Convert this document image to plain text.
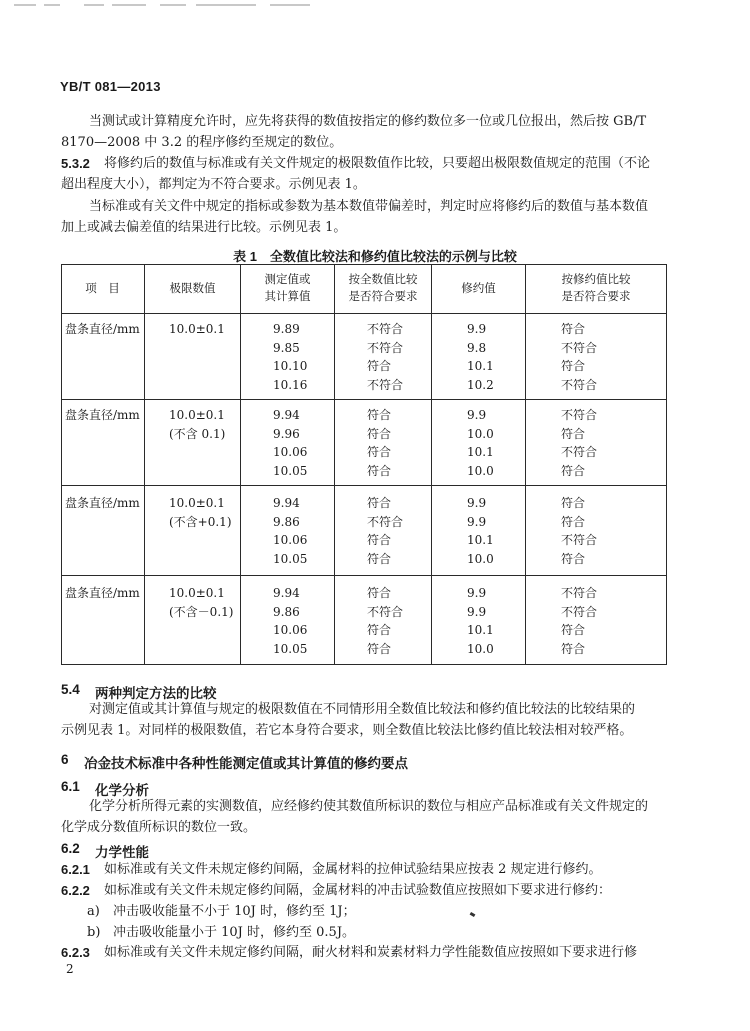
YB/T 081—2013
当测试或计算精度允许时，应先将获得的数值按指定的修约数位多一位或几位报出，然后按 GB/T
8170—2008 中 3.2 的程序修约至规定的数位。
5.3.2 将修约后的数值与标准或有关文件规定的极限数值作比较，只要超出极限数值规定的范围（不论
超出程度大小），都判定为不符合要求。示例见表 1。
当标准或有关文件中规定的指标或参数为基本数值带偏差时，判定时应将修约后的数值与基本数值
加上或减去偏差值的结果进行比较。示例见表 1。
表 1　全数值比较法和修约值比较法的示例与比较
项　目	极限数值
测定值或
其计算值
按全数值比较
是否符合要求
修约值
按修约值比较
是否符合要求
盘条直径/mm 10.0±0.1	9.89
9.85
10.10
10.16
不符合
不符合
符合
不符合
9.9
9.8
10.1
10.2
符合
不符合
符合
不符合
盘条直径/mm 10.0±0.1
(不含 0.1)
9.94
9.96
10.06
10.05
符合
符合
符合
符合
9.9
10.0
10.1
10.0
不符合
符合
不符合
符合
盘条直径/mm 10.0±0.1
(不含+0.1)
9.94
9.86
10.06
10.05
符合
不符合
符合
符合
9.9
9.9
10.1
10.0
符合
符合
不符合
符合
盘条直径/mm 10.0±0.1
(不含－0.1)
9.94
9.86
10.06
10.05
符合
不符合
符合
符合
9.9
9.9
10.1
10.0
不符合
不符合
符合
符合
5.4 两种判定方法的比较
对测定值或其计算值与规定的极限数值在不同情形用全数值比较法和修约值比较法的比较结果的
示例见表 1。对同样的极限数值，若它本身符合要求，则全数值比较法比修约值比较法相对较严格。
6 冶金技术标准中各种性能测定值或其计算值的修约要点
6.1 化学分析
化学分析所得元素的实测数值，应经修约使其数值所标识的数位与相应产品标准或有关文件规定的
化学成分数值所标识的数位一致。
6.2 力学性能
6.2.1 如标准或有关文件未规定修约间隔，金属材料的拉伸试验结果应按表 2 规定进行修约。
6.2.2 如标准或有关文件未规定修约间隔，金属材料的冲击试验数值应按照如下要求进行修约：
a) 冲击吸收能量不小于 10J 时，修约至 1J；
b) 冲击吸收能量小于 10J 时，修约至 0.5J。
6.2.3 如标准或有关文件未规定修约间隔，耐火材料和炭素材料力学性能数值应按照如下要求进行修
2
